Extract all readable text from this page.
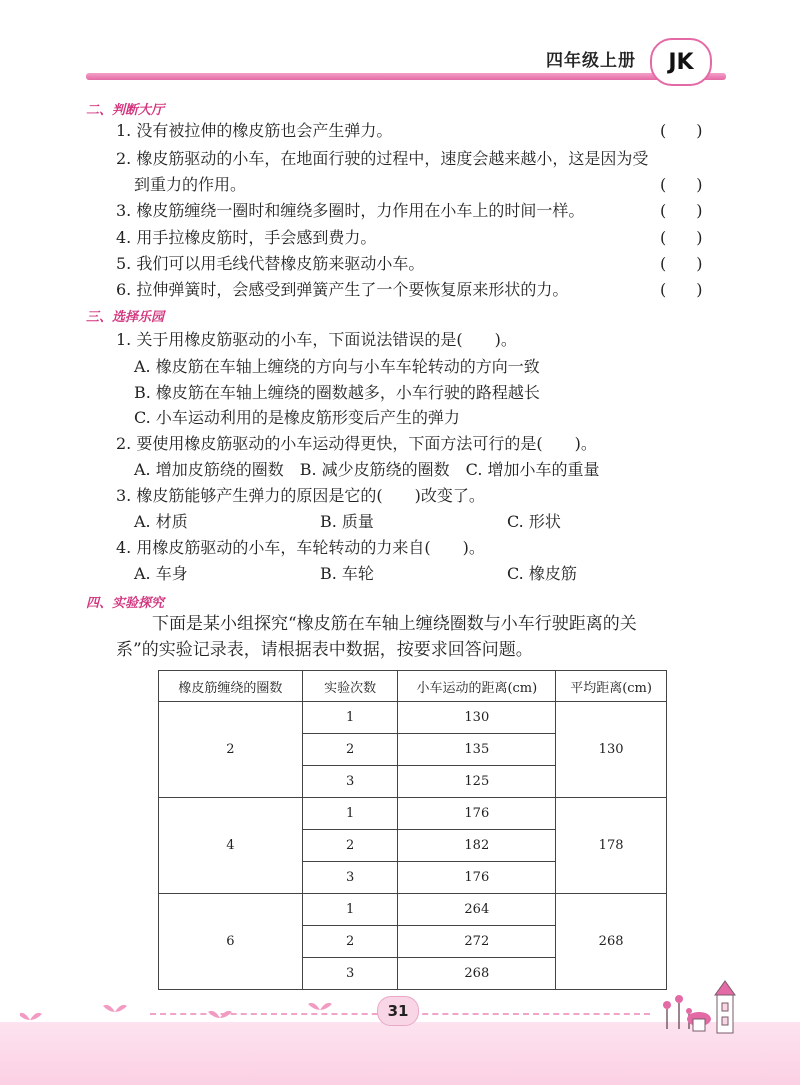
四年级上册	JK
二、判断大厅
1. 没有被拉伸的橡皮筋也会产生弹力。	( )
2. 橡皮筋驱动的小车，在地面行驶的过程中，速度会越来越小，这是因为受
到重力的作用。	( )
3. 橡皮筋缠绕一圈时和缠绕多圈时，力作用在小车上的时间一样。	( )
4. 用手拉橡皮筋时，手会感到费力。	( )
5. 我们可以用毛线代替橡皮筋来驱动小车。	( )
6. 拉伸弹簧时，会感受到弹簧产生了一个要恢复原来形状的力。	( )
三、选择乐园
1. 关于用橡皮筋驱动的小车，下面说法错误的是(　　)。
A. 橡皮筋在车轴上缠绕的方向与小车车轮转动的方向一致
B. 橡皮筋在车轴上缠绕的圈数越多，小车行驶的路程越长
C. 小车运动利用的是橡皮筋形变后产生的弹力
2. 要使用橡皮筋驱动的小车运动得更快，下面方法可行的是(　　)。
A. 增加皮筋绕的圈数　B. 减少皮筋绕的圈数　C. 增加小车的重量
3. 橡皮筋能够产生弹力的原因是它的(　　)改变了。
A. 材质	B. 质量	C. 形状
4. 用橡皮筋驱动的小车，车轮转动的力来自(　　)。
A. 车身	B. 车轮	C. 橡皮筋
四、实验探究
下面是某小组探究“橡皮筋在车轴上缠绕圈数与小车行驶距离的关
系”的实验记录表，请根据表中数据，按要求回答问题。
橡皮筋缠绕的圈数	实验次数	小车运动的距离(cm)	平均距离(cm)
2	1	130	130
	2	135	
	3	125	
4	1	176	178
	2	182	
	3	176	
6	1	264	268
	2	272	
	3	268	
31
